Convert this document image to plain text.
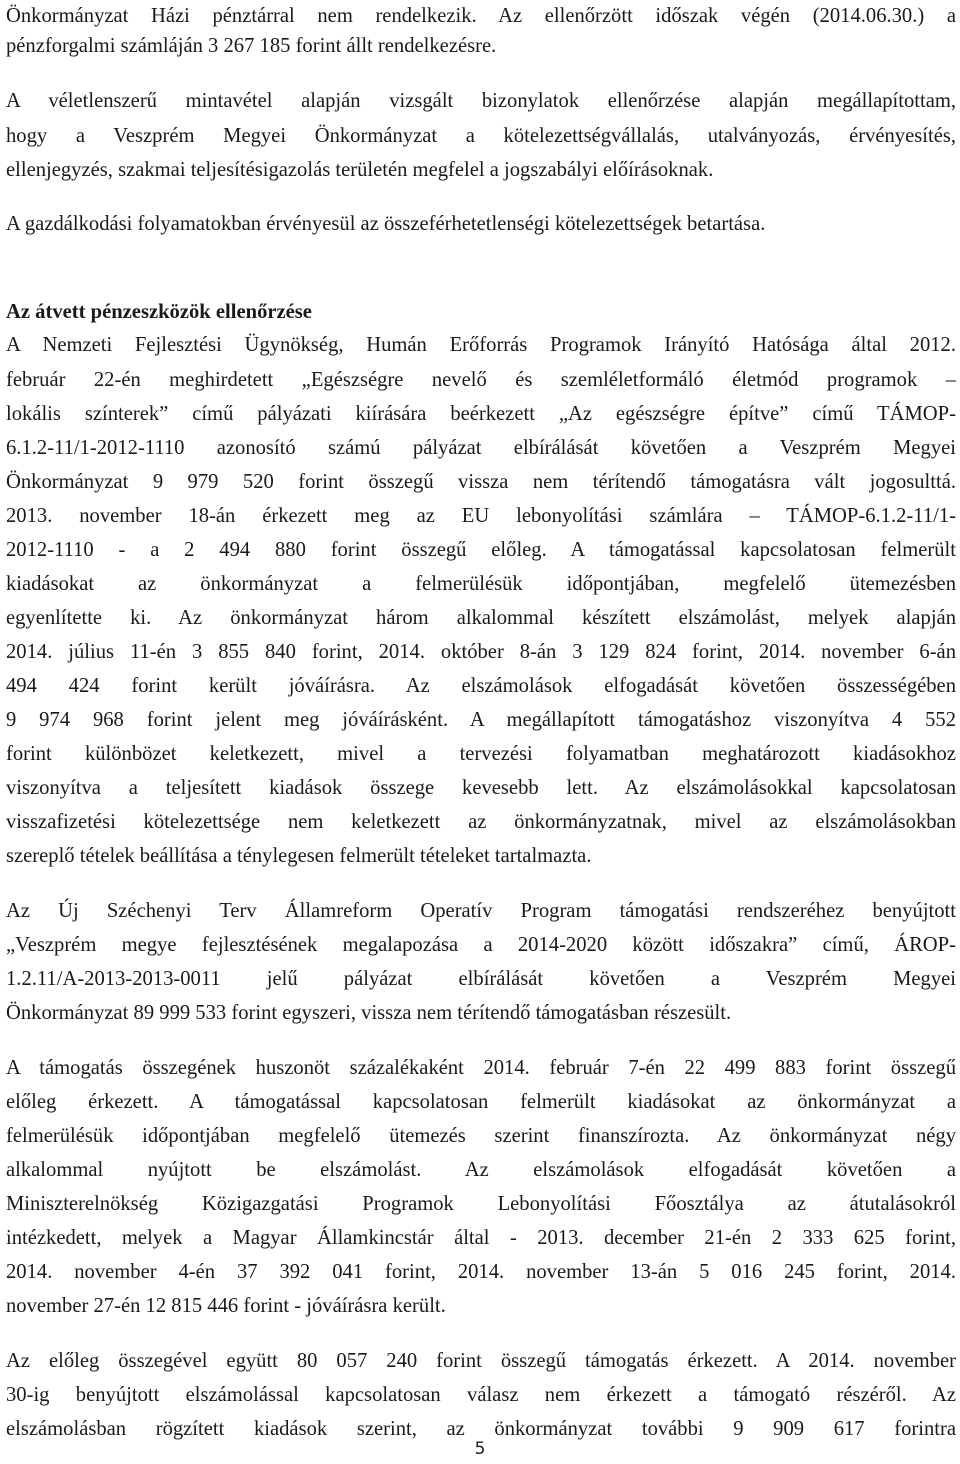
Önkormányzat Házi pénztárral nem rendelkezik. Az ellenőrzött időszak végén (2014.06.30.) a
pénzforgalmi számláján 3 267 185 forint állt rendelkezésre.
A véletlenszerű mintavétel alapján vizsgált bizonylatok ellenőrzése alapján megállapítottam,
hogy a Veszprém Megyei Önkormányzat a kötelezettségvállalás, utalványozás, érvényesítés,
ellenjegyzés, szakmai teljesítésigazolás területén megfelel a jogszabályi előírásoknak.
A gazdálkodási folyamatokban érvényesül az összeférhetetlenségi kötelezettségek betartása.
Az átvett pénzeszközök ellenőrzése
A Nemzeti Fejlesztési Ügynökség, Humán Erőforrás Programok Irányító Hatósága által 2012.
február 22-én meghirdetett „Egészségre nevelő és szemléletformáló életmód programok –
lokális színterek” című pályázati kiírására beérkezett „Az egészségre építve” című TÁMOP-
6.1.2-11/1-2012-1110 azonosító számú pályázat elbírálását követően a Veszprém Megyei
Önkormányzat 9 979 520 forint összegű vissza nem térítendő támogatásra vált jogosulttá.
2013. november 18-án érkezett meg az EU lebonyolítási számlára – TÁMOP-6.1.2-11/1-
2012-1110 - a 2 494 880 forint összegű előleg. A támogatással kapcsolatosan felmerült
kiadásokat az önkormányzat a felmerülésük időpontjában, megfelelő ütemezésben
egyenlítette ki. Az önkormányzat három alkalommal készített elszámolást, melyek alapján
2014. július 11-én 3 855 840 forint, 2014. október 8-án 3 129 824 forint, 2014. november 6-án
494 424 forint került jóváírásra. Az elszámolások elfogadását követően összességében
9 974 968 forint jelent meg jóváírásként. A megállapított támogatáshoz viszonyítva 4 552
forint különbözet keletkezett, mivel a tervezési folyamatban meghatározott kiadásokhoz
viszonyítva a teljesített kiadások összege kevesebb lett. Az elszámolásokkal kapcsolatosan
visszafizetési kötelezettsége nem keletkezett az önkormányzatnak, mivel az elszámolásokban
szereplő tételek beállítása a ténylegesen felmerült tételeket tartalmazta.
Az Új Széchenyi Terv Államreform Operatív Program támogatási rendszeréhez benyújtott
„Veszprém megye fejlesztésének megalapozása a 2014-2020 között időszakra” című, ÁROP-
1.2.11/A-2013-2013-0011 jelű pályázat elbírálását követően a Veszprém Megyei
Önkormányzat 89 999 533 forint egyszeri, vissza nem térítendő támogatásban részesült.
A támogatás összegének huszonöt százalékaként 2014. február 7-én 22 499 883 forint összegű
előleg érkezett. A támogatással kapcsolatosan felmerült kiadásokat az önkormányzat a
felmerülésük időpontjában megfelelő ütemezés szerint finanszírozta. Az önkormányzat négy
alkalommal nyújtott be elszámolást. Az elszámolások elfogadását követően a
Miniszterelnökség Közigazgatási Programok Lebonyolítási Főosztálya az átutalásokról
intézkedett, melyek a Magyar Államkincstár által - 2013. december 21-én 2 333 625 forint,
2014. november 4-én 37 392 041 forint, 2014. november 13-án 5 016 245 forint, 2014.
november 27-én 12 815 446 forint - jóváírásra került.
Az előleg összegével együtt 80 057 240 forint összegű támogatás érkezett. A 2014. november
30-ig benyújtott elszámolással kapcsolatosan válasz nem érkezett a támogató részéről. Az
elszámolásban rögzített kiadások szerint, az önkormányzat további 9 909 617 forintra
5
